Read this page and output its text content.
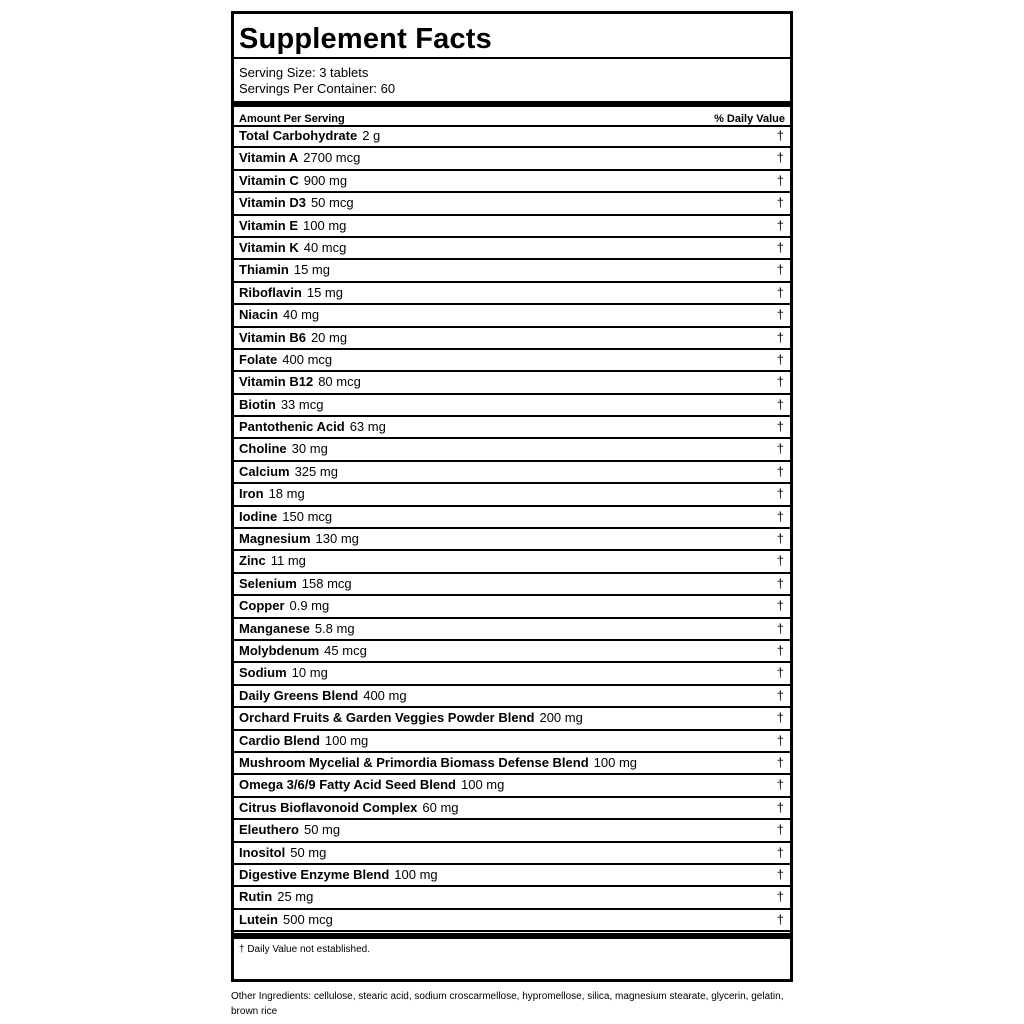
Supplement Facts
Serving Size: 3 tablets
Servings Per Container: 60
Amount Per Serving	% Daily Value
Total Carbohydrate 2 g	†
Vitamin A 2700 mcg	†
Vitamin C 900 mg	†
Vitamin D3 50 mcg	†
Vitamin E 100 mg	†
Vitamin K 40 mcg	†
Thiamin 15 mg	†
Riboflavin 15 mg	†
Niacin 40 mg	†
Vitamin B6 20 mg	†
Folate 400 mcg	†
Vitamin B12 80 mcg	†
Biotin 33 mcg	†
Pantothenic Acid 63 mg	†
Choline 30 mg	†
Calcium 325 mg	†
Iron 18 mg	†
Iodine 150 mcg	†
Magnesium 130 mg	†
Zinc 11 mg	†
Selenium 158 mcg	†
Copper 0.9 mg	†
Manganese 5.8 mg	†
Molybdenum 45 mcg	†
Sodium 10 mg	†
Daily Greens Blend 400 mg	†
Orchard Fruits & Garden Veggies Powder Blend 200 mg	†
Cardio Blend 100 mg	†
Mushroom Mycelial & Primordia Biomass Defense Blend 100 mg	†
Omega 3/6/9 Fatty Acid Seed Blend 100 mg	†
Citrus Bioflavonoid Complex 60 mg	†
Eleuthero 50 mg	†
Inositol 50 mg	†
Digestive Enzyme Blend 100 mg	†
Rutin 25 mg	†
Lutein 500 mcg	†
† Daily Value not established.
Other Ingredients: cellulose, stearic acid, sodium croscarmellose, hypromellose, silica, magnesium stearate, glycerin, gelatin, brown rice
